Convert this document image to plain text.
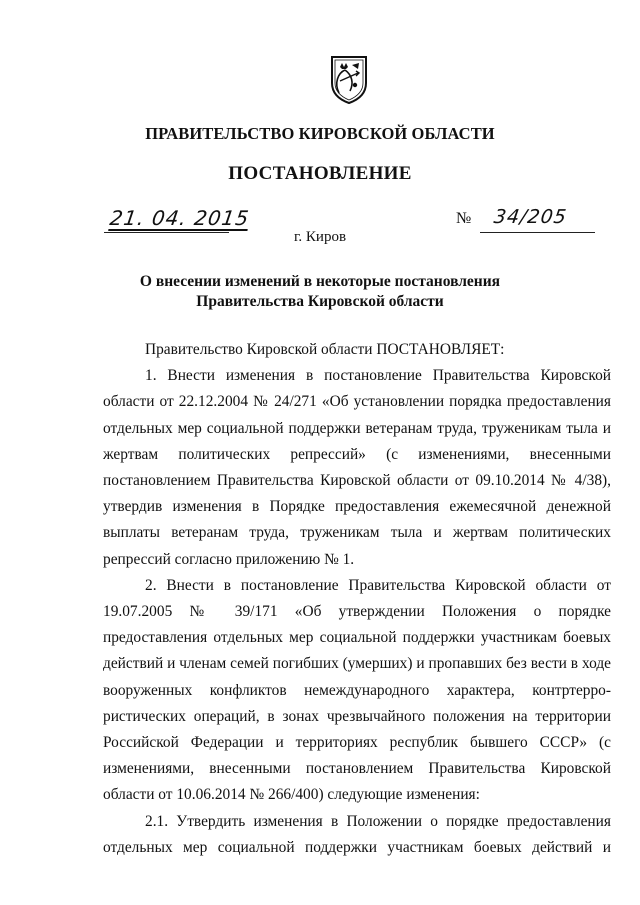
ПРАВИТЕЛЬСТВО КИРОВСКОЙ ОБЛАСТИ
ПОСТАНОВЛЕНИЕ
21. 04. 2015
г. Киров
№ 34/205
О внесении изменений в некоторые постановления
Правительства Кировской области

Правительство Кировской области ПОСТАНОВЛЯЕТ:

1. Внести изменения в постановление Правительства Кировской области от 22.12.2004 № 24/271 «Об установлении порядка предоставления отдельных мер социальной поддержки ветеранам труда, труженикам тыла и жертвам политических репрессий» (с изменениями, внесенными постановлением Правительства Кировской области от 09.10.2014 № 4/38), утвердив изменения в Порядке предоставления ежемесячной денежной выплаты ветеранам труда, труженикам тыла и жертвам политических репрессий согласно приложению № 1.

2. Внести в постановление Правительства Кировской области от 19.07.2005 № 39/171 «Об утверждении Положения о порядке предоставления отдельных мер социальной поддержки участникам боевых действий и членам семей погибших (умерших) и пропавших без вести в ходе вооруженных конфликтов немеждународного характера, контртерро- ристических операций, в зонах чрезвычайного положения на территории Российской Федерации и территориях республик бывшего СССР» (с изменениями, внесенными постановлением Правительства Кировской области от 10.06.2014 № 266/400) следующие изменения:

2.1. Утвердить изменения в Положении о порядке предоставления отдельных мер социальной поддержки участникам боевых действий и
